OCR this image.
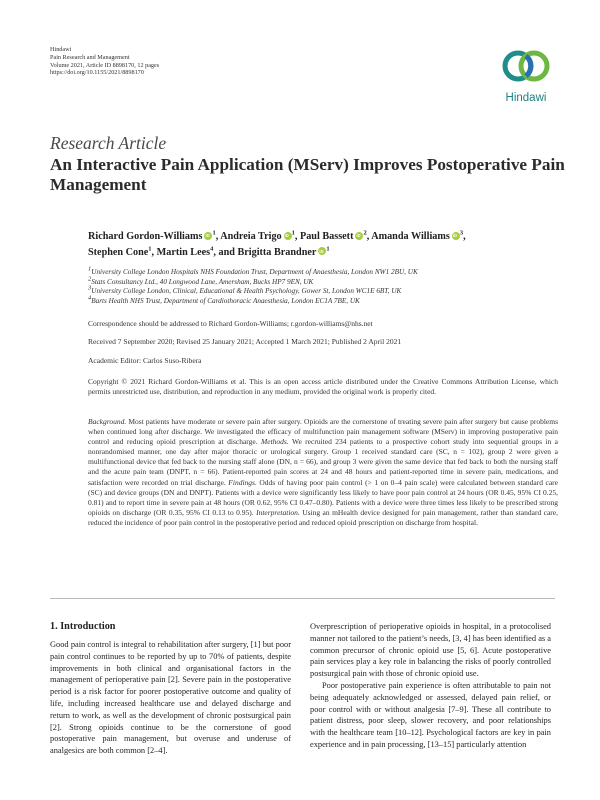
Hindawi
Pain Research and Management
Volume 2021, Article ID 8898170, 12 pages
https://doi.org/10.1155/2021/8898170
Hindawi
Research Article
An Interactive Pain Application (MServ) Improves Postoperative Pain Management
Richard Gordon-Williams iD $^1$, Andreia Trigo iD $^1$, Paul Bassett iD $^2$, Amanda Williams iD $^3$,
Stephen Cone$^1$, Martin Lees$^4$, and Brigitta Brandner iD $^1$
$^1$University College London Hospitals NHS Foundation Trust, Department of Anaesthesia, London NW1 2BU, UK
$^2$Stats Consultancy Ltd., 40 Longwood Lane, Amersham, Bucks HP7 9EN, UK
$^3$University College London, Clinical, Educational & Health Psychology, Gower St, London WC1E 6BT, UK
$^4$Barts Health NHS Trust, Department of Cardiothoracic Anaesthesia, London EC1A 7BE, UK
Correspondence should be addressed to Richard Gordon-Williams; r.gordon-williams@nhs.net
Received 7 September 2020; Revised 25 January 2021; Accepted 1 March 2021; Published 2 April 2021
Academic Editor: Carlos Suso-Ribera
Copyright © 2021 Richard Gordon-Williams et al. This is an open access article distributed under the Creative Commons Attribution License, which permits unrestricted use, distribution, and reproduction in any medium, provided the original work is properly cited.
Background. Most patients have moderate or severe pain after surgery. Opioids are the cornerstone of treating severe pain after surgery but cause problems when continued long after discharge. We investigated the efficacy of multifunction pain management software (MServ) in improving postoperative pain control and reducing opioid prescription at discharge. Methods. We recruited 234 patients to a prospective cohort study into sequential groups in a nonrandomised manner, one day after major thoracic or urological surgery. Group 1 received standard care (SC, n = 102), group 2 were given a multifunctional device that fed back to the nursing staff alone (DN, n = 66), and group 3 were given the same device that fed back to both the nursing staff and the acute pain team (DNPT, n = 66). Patient-reported pain scores at 24 and 48 hours and patient-reported time in severe pain, medications, and satisfaction were recorded on trial discharge. Findings. Odds of having poor pain control (> 1 on 0–4 pain scale) were calculated between standard care (SC) and device groups (DN and DNPT). Patients with a device were significantly less likely to have poor pain control at 24 hours (OR 0.45, 95% CI 0.25, 0.81) and to report time in severe pain at 48 hours (OR 0.62, 95% CI 0.47–0.80). Patients with a device were three times less likely to be prescribed strong opioids on discharge (OR 0.35, 95% CI 0.13 to 0.95). Interpretation. Using an mHealth device designed for pain management, rather than standard care, reduced the incidence of poor pain control in the postoperative period and reduced opioid prescription on discharge from hospital.
1. Introduction

Good pain control is integral to rehabilitation after surgery, [1] but poor pain control continues to be reported by up to 70% of patients, despite improvements in both clinical and organisational factors in the management of perioperative pain [2]. Severe pain in the postoperative period is a risk factor for poorer postoperative outcome and quality of life, including increased healthcare use and delayed discharge and return to work, as well as the development of chronic postsurgical pain [2]. Strong opioids continue to be the cornerstone of good postoperative pain management, but overuse and underuse of analgesics are both common [2–4].

Overprescription of perioperative opioids in hospital, in a protocolised manner not tailored to the patient’s needs, [3, 4] has been identified as a common precursor of chronic opioid use [5, 6]. Acute postoperative pain services play a key role in balancing the risks of poorly controlled postsurgical pain with those of chronic opioid use.

Poor postoperative pain experience is often attributable to pain not being adequately acknowledged or assessed, delayed pain relief, or poor control with or without analgesia [7–9]. These all contribute to patient distress, poor sleep, slower recovery, and poor relationships with the healthcare team [10–12]. Psychological factors are key in pain experience and in pain processing, [13–15] particularly attention
